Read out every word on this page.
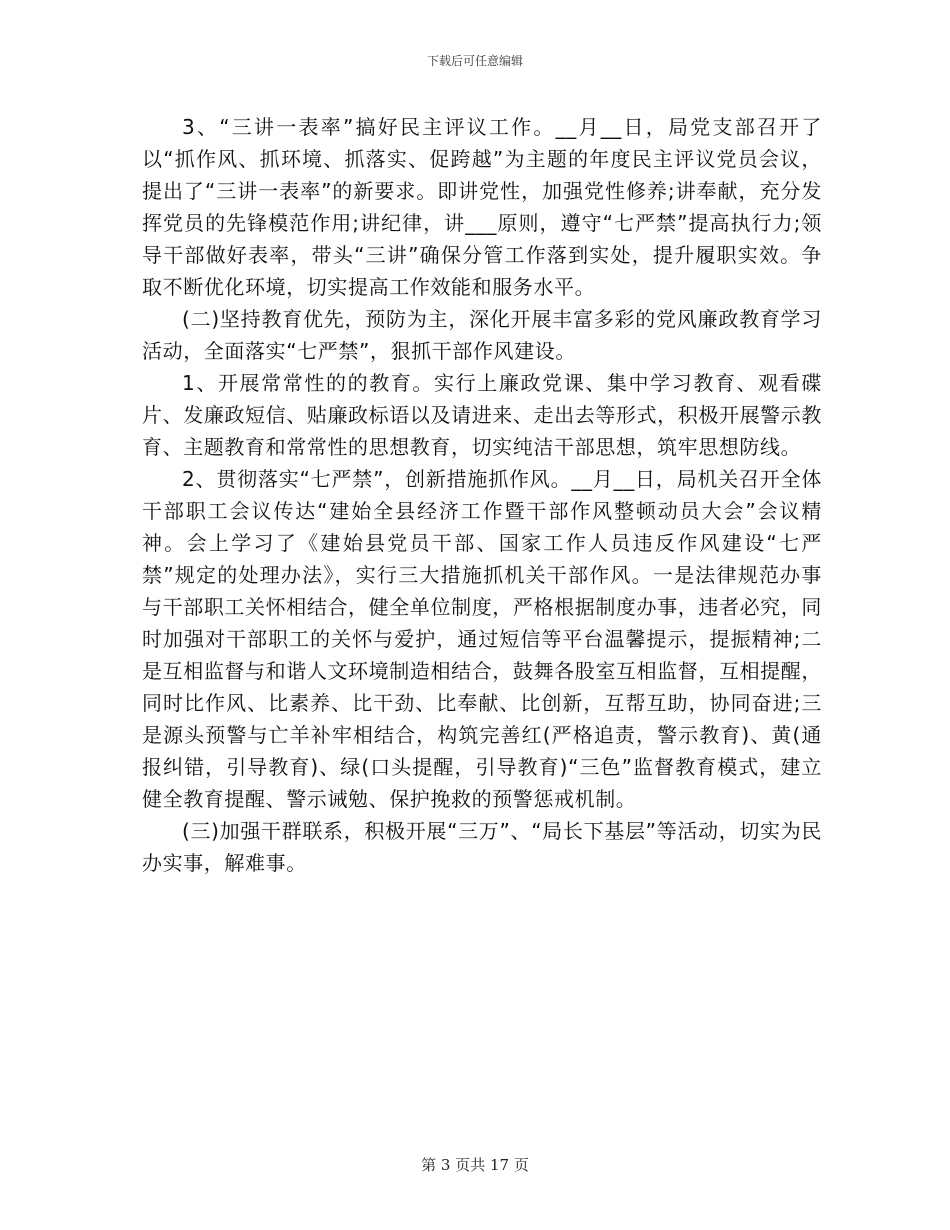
下载后可任意编辑

3、“三讲一表率”搞好民主评议工作。__月__日，局党支部召开了以“抓作风、抓环境、抓落实、促跨越”为主题的年度民主评议党员会议，提出了“三讲一表率”的新要求。即讲党性，加强党性修养;讲奉献，充分发挥党员的先锋模范作用;讲纪律，讲___原则，遵守“七严禁”提高执行力;领导干部做好表率，带头“三讲”确保分管工作落到实处，提升履职实效。争取不断优化环境，切实提高工作效能和服务水平。

(二)坚持教育优先，预防为主，深化开展丰富多彩的党风廉政教育学习活动，全面落实“七严禁”，狠抓干部作风建设。

1、开展常常性的的教育。实行上廉政党课、集中学习教育、观看碟片、发廉政短信、贴廉政标语以及请进来、走出去等形式，积极开展警示教育、主题教育和常常性的思想教育，切实纯洁干部思想，筑牢思想防线。

2、贯彻落实“七严禁”，创新措施抓作风。__月__日，局机关召开全体干部职工会议传达“建始全县经济工作暨干部作风整顿动员大会”会议精神。会上学习了《建始县党员干部、国家工作人员违反作风建设“七严禁”规定的处理办法》，实行三大措施抓机关干部作风。一是法律规范办事与干部职工关怀相结合，健全单位制度，严格根据制度办事，违者必究，同时加强对干部职工的关怀与爱护，通过短信等平台温馨提示，提振精神;二是互相监督与和谐人文环境制造相结合，鼓舞各股室互相监督，互相提醒，同时比作风、比素养、比干劲、比奉献、比创新，互帮互助，协同奋进;三是源头预警与亡羊补牢相结合，构筑完善红(严格追责，警示教育)、黄(通报纠错，引导教育)、绿(口头提醒，引导教育)“三色”监督教育模式，建立健全教育提醒、警示诫勉、保护挽救的预警惩戒机制。

(三)加强干群联系，积极开展“三万”、“局长下基层”等活动，切实为民办实事，解难事。

第 3 页共 17 页
